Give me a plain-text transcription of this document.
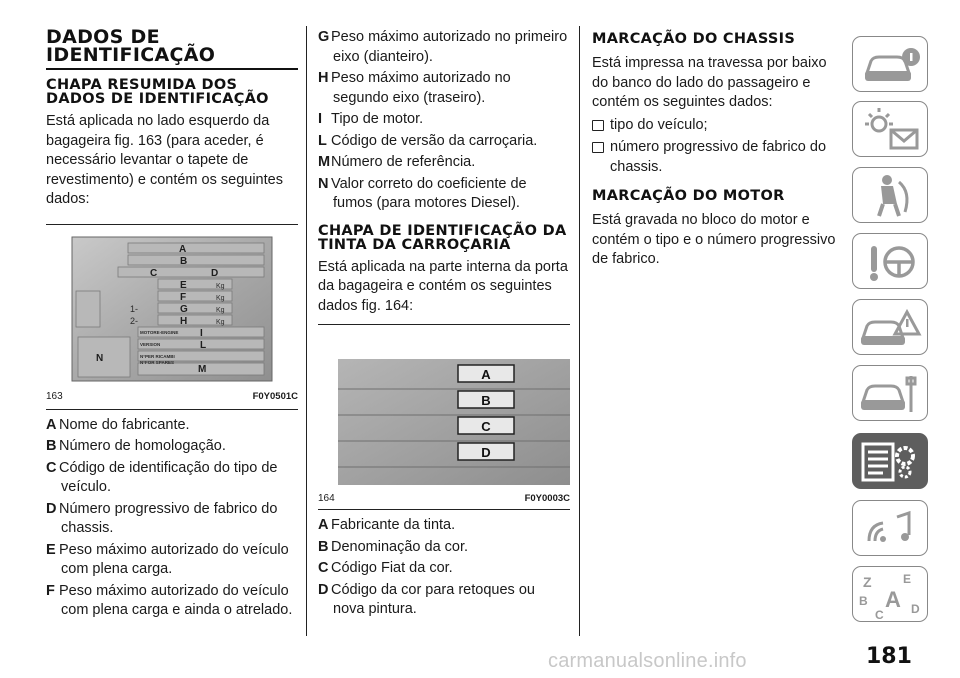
DADOS DE IDENTIFICAÇÃO
CHAPA RESUMIDA DOS DADOS DE IDENTIFICAÇÃO
Está aplicada no lado esquerdo da bagageira fig. 163 (para aceder, é necessário levantar o tapete de revestimento) e contém os seguintes dados:
A
B
C	D
E
F
G
H
I
L
M
N
Kg
Kg
Kg
Kg
1-
2-
MOTORE-ENGINE
VERSION
N°PER RICAMBI
N°FOR SPARES
163	F0Y0501C
A Nome do fabricante.
B Número de homologação.
C Código de identificação do tipo de veículo.
D Número progressivo de fabrico do chassis.
E Peso máximo autorizado do veículo com plena carga.
F Peso máximo autorizado do veículo com plena carga e ainda o atrelado.
G Peso máximo autorizado no primeiro eixo (dianteiro).
H Peso máximo autorizado no segundo eixo (traseiro).
I Tipo de motor.
L Código de versão da carroçaria.
MNúmero de referência.
N Valor correto do coeficiente de fumos (para motores Diesel).
CHAPA DE IDENTIFICAÇÃO DA TINTA DA CARROÇARIA
Está aplicada na parte interna da porta da bagageira e contém os seguintes dados fig. 164:
A
B
C
D
164	F0Y0003C
A Fabricante da tinta.
B Denominação da cor.
C Código Fiat da cor.
D Código da cor para retoques ou nova pintura.
MARCAÇÃO DO CHASSIS
Está impressa na travessa por baixo do banco do lado do passageiro e contém os seguintes dados:
tipo do veículo;
número progressivo de fabrico do chassis.
MARCAÇÃO DO MOTOR
Está gravada no bloco do motor e contém o tipo e o número progressivo de fabrico.
Z	E
B A
C D
181
carmanualsonline.info
